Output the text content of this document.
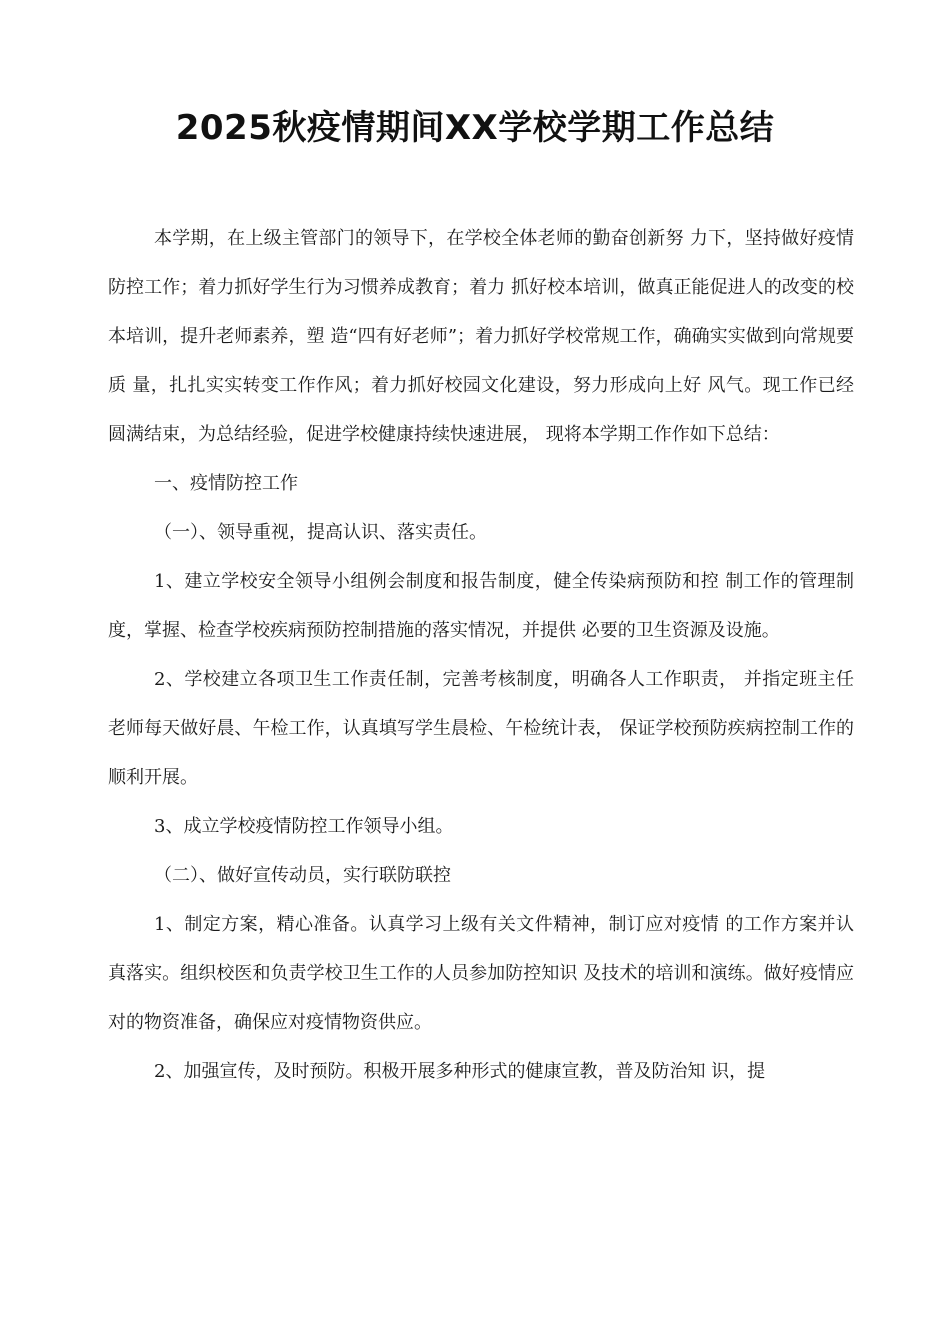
2025秋疫情期间XX学校学期工作总结

本学期，在上级主管部门的领导下，在学校全体老师的勤奋创新努 力下，坚持做好疫情防控工作；着力抓好学生行为习惯养成教育；着力 抓好校本培训，做真正能促进人的改变的校本培训，提升老师素养，塑 造“四有好老师”；着力抓好学校常规工作，确确实实做到向常规要质 量，扎扎实实转变工作作风；着力抓好校园文化建设，努力形成向上好 风气。现工作已经圆满结束，为总结经验，促进学校健康持续快速进展， 现将本学期工作作如下总结：

一、疫情防控工作

（一）、领导重视，提高认识、落实责任。

1、建立学校安全领导小组例会制度和报告制度，健全传染病预防和控 制工作的管理制度，掌握、检查学校疾病预防控制措施的落实情况，并提供 必要的卫生资源及设施。

2、学校建立各项卫生工作责任制，完善考核制度，明确各人工作职责， 并指定班主任老师每天做好晨、午检工作，认真填写学生晨检、午检统计表， 保证学校预防疾病控制工作的顺利开展。

3、成立学校疫情防控工作领导小组。

（二）、做好宣传动员，实行联防联控

1、制定方案，精心准备。认真学习上级有关文件精神，制订应对疫情 的工作方案并认真落实。组织校医和负责学校卫生工作的人员参加防控知识 及技术的培训和演练。做好疫情应对的物资准备，确保应对疫情物资供应。

2、加强宣传，及时预防。积极开展多种形式的健康宣教，普及防治知 识，提
